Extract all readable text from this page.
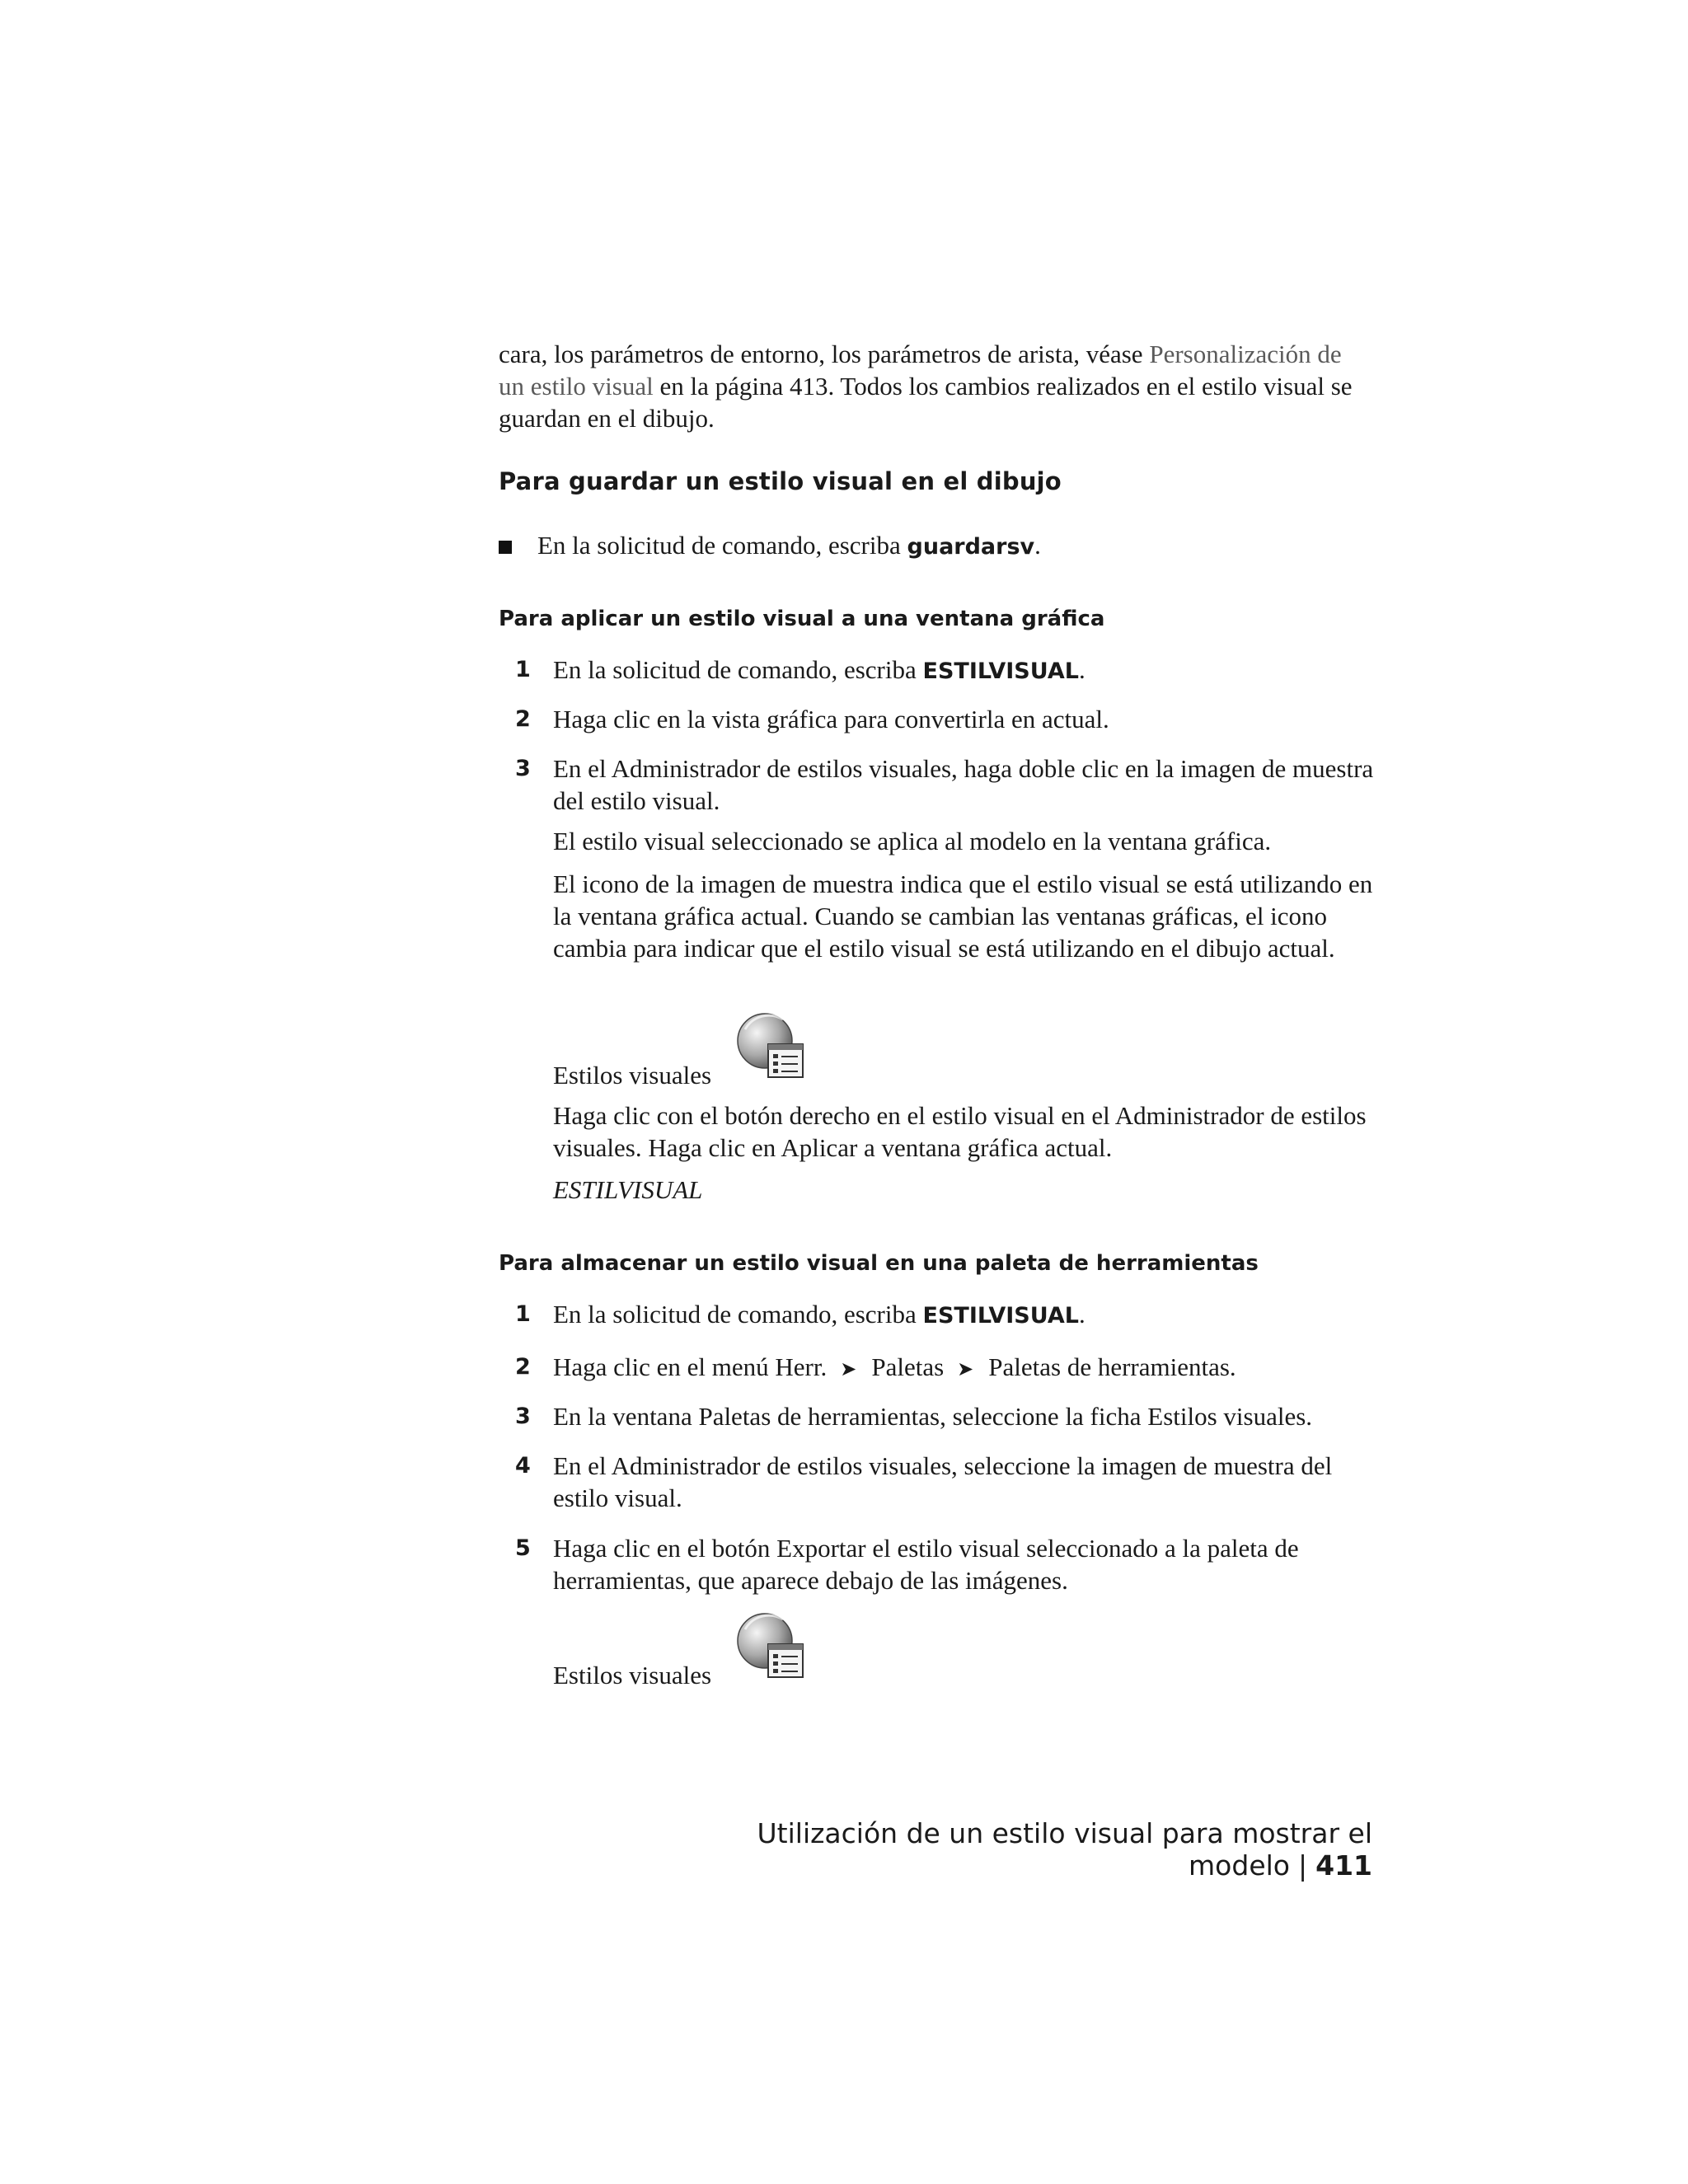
cara, los parámetros de entorno, los parámetros de arista, véase Personalización de un estilo visual en la página 413. Todos los cambios realizados en el estilo visual se guardan en el dibujo.
Para guardar un estilo visual en el dibujo
En la solicitud de comando, escriba guardarsv.
Para aplicar un estilo visual a una ventana gráfica
1 En la solicitud de comando, escriba ESTILVISUAL.
2 Haga clic en la vista gráfica para convertirla en actual.
3 En el Administrador de estilos visuales, haga doble clic en la imagen de muestra del estilo visual.
El estilo visual seleccionado se aplica al modelo en la ventana gráfica.
El icono de la imagen de muestra indica que el estilo visual se está utilizando en la ventana gráfica actual. Cuando se cambian las ventanas gráficas, el icono cambia para indicar que el estilo visual se está utilizando en el dibujo actual.
Estilos visuales
Haga clic con el botón derecho en el estilo visual en el Administrador de estilos visuales. Haga clic en Aplicar a ventana gráfica actual.
ESTILVISUAL
Para almacenar un estilo visual en una paleta de herramientas
1 En la solicitud de comando, escriba ESTILVISUAL.
2 Haga clic en el menú Herr. ➤ Paletas ➤ Paletas de herramientas.
3 En la ventana Paletas de herramientas, seleccione la ficha Estilos visuales.
4 En el Administrador de estilos visuales, seleccione la imagen de muestra del estilo visual.
5 Haga clic en el botón Exportar el estilo visual seleccionado a la paleta de herramientas, que aparece debajo de las imágenes.
Estilos visuales
Utilización de un estilo visual para mostrar el modelo | 411
